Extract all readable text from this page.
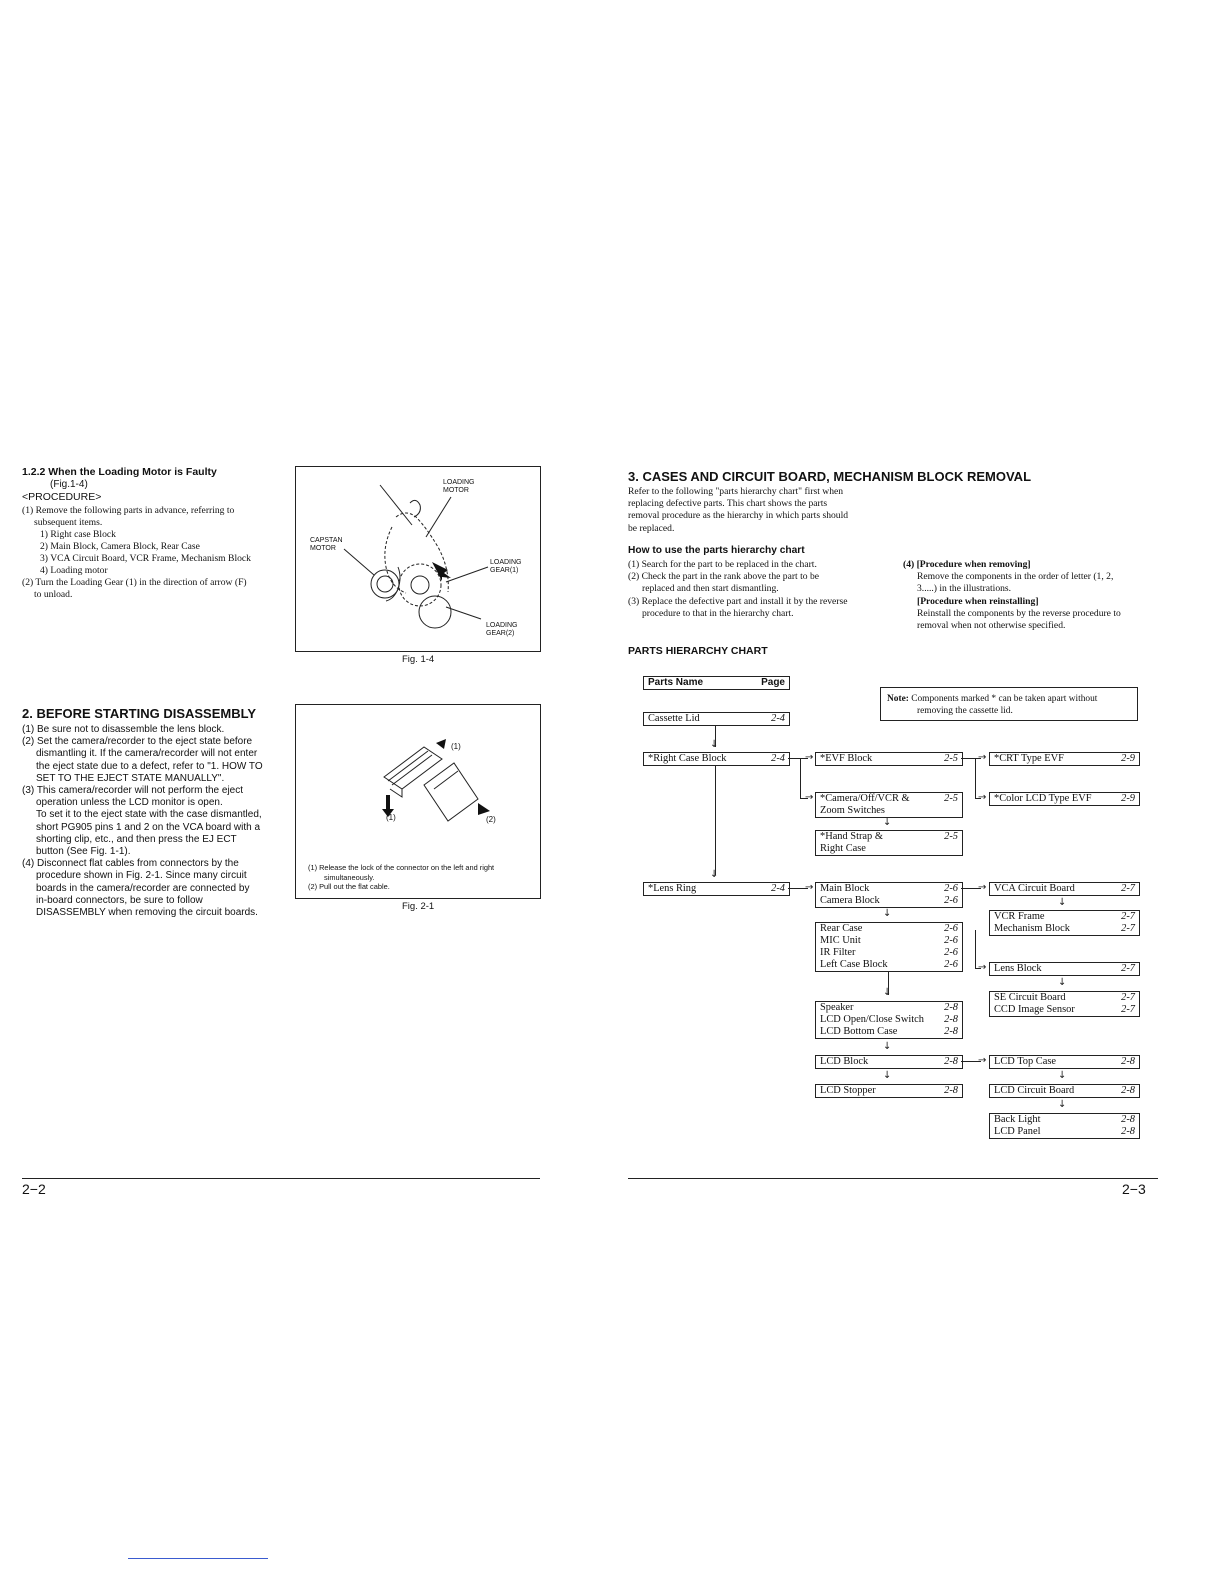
1.2.2 When the Loading Motor is Faulty
(Fig.1-4)
<PROCEDURE>
(1) Remove the following parts in advance, referring to
subsequent items.
1) Right case Block
2) Main Block, Camera Block, Rear Case
3) VCA Circuit Board, VCR Frame, Mechanism Block
4) Loading motor
(2) Turn the Loading Gear (1) in the direction of arrow (F)
to unload.
LOADING
MOTOR
CAPSTAN
MOTOR
LOADING
GEAR(1)
LOADING
GEAR(2)
Fig. 1-4
2. BEFORE STARTING DISASSEMBLY
(1) Be sure not to disassemble the lens block.
(2) Set the camera/recorder to the eject state before
dismantling it. If the camera/recorder will not enter
the eject state due to a defect, refer to "1. HOW TO
SET TO THE EJECT STATE MANUALLY".
(3) This camera/recorder will not perform the eject
operation unless the LCD monitor is open.
To set it to the eject state with the case dismantled,
short PG905 pins 1 and 2 on the VCA board with a
shorting clip, etc., and then press the EJ ECT
button (See Fig. 1-1).
(4) Disconnect flat cables from connectors by the
procedure shown in Fig. 2-1. Since many circuit
boards in the camera/recorder are connected by
in-board connectors, be sure to follow
DISASSEMBLY when removing the circuit boards.
(1)
(1)	(2)
(1) Release the lock of the connector on the left and right
simultaneously.
(2) Pull out the flat cable.
Fig. 2-1
2−2
3. CASES AND CIRCUIT BOARD, MECHANISM BLOCK REMOVAL
Refer to the following "parts hierarchy chart" first when
replacing defective parts. This chart shows the parts
removal procedure as the hierarchy in which parts should
be replaced.
How to use the parts hierarchy chart
(1) Search for the part to be replaced in the chart.
(2) Check the part in the rank above the part to be
replaced and then start dismantling.
(3) Replace the defective part and install it by the reverse
procedure to that in the hierarchy chart.
(4) [Procedure when removing]
Remove the components in the order of letter (1, 2,
3.....) in the illustrations.
[Procedure when reinstalling]
Reinstall the components by the reverse procedure to
removal when not otherwise specified.
PARTS HIERARCHY CHART
Parts Name	Page
Note: Components marked * can be taken apart without
removing the cassette lid.
Cassette Lid	2-4
↓
*Right Case Block	2-4
↓
*Lens Ring	2-4
→
→
*EVF Block	2-5 →
→
*CRT Type EVF	2-9
*Color LCD Type EVF	2-9
*Camera/Off/VCR &	2-5
Zoom Switches
↓
*Hand Strap &	2-5
Right Case
→ Main Block	2-6
Camera Block	2-6
↓
Rear Case	2-6
MIC Unit	2-6
IR Filter	2-6
Left Case Block	2-6
↓
Speaker	2-8
LCD Open/Close Switch 2-8
LCD Bottom Case	2-8
↓
LCD Block	2-8
↓
LCD Stopper	2-8
→
→
VCA Circuit Board	2-7
↓
VCR Frame	2-7
Mechanism Block	2-7
Lens Block	2-7
↓
SE Circuit Board	2-7
CCD Image Sensor	2-7
→ LCD Top Case	2-8
↓
LCD Circuit Board	2-8
↓
Back Light	2-8
LCD Panel	2-8
2−3
